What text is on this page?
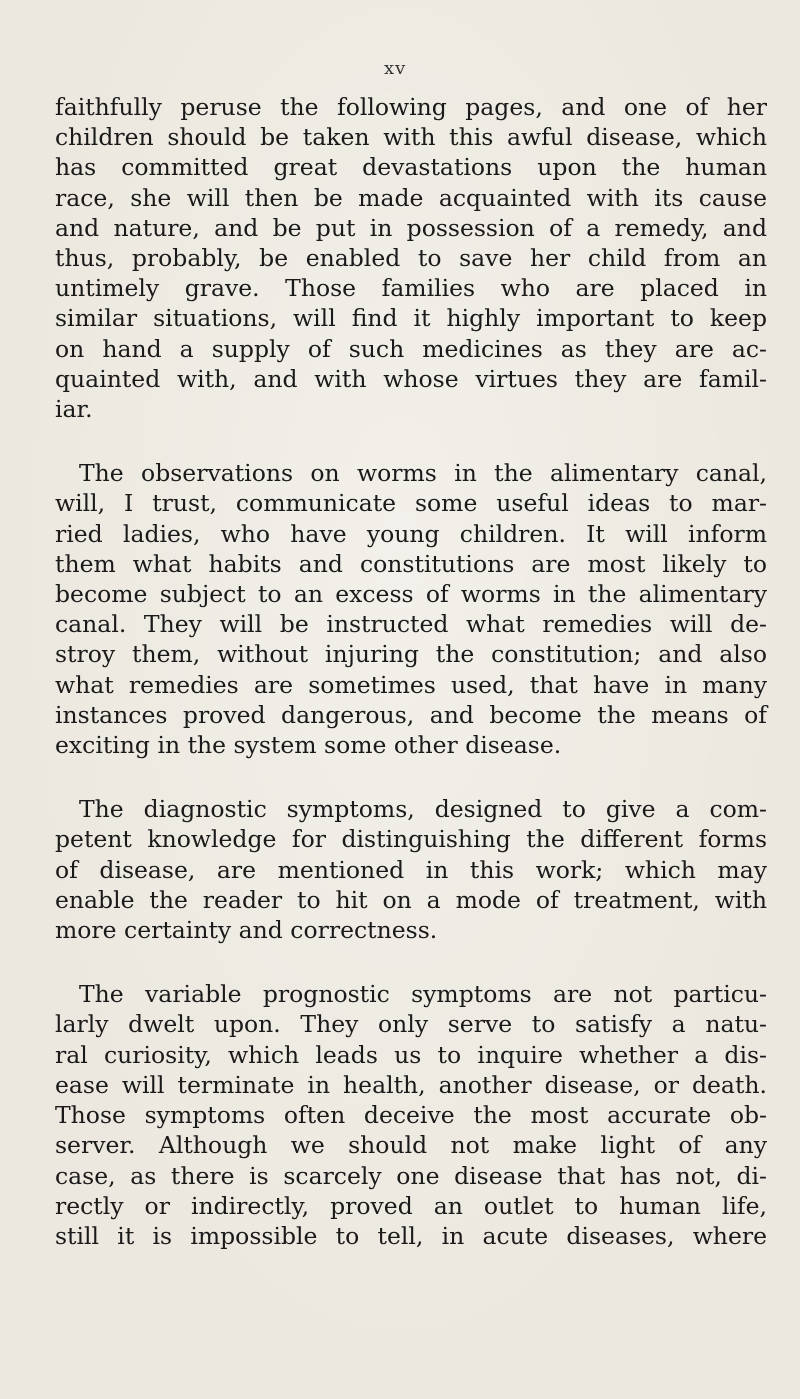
xv
faithfully peruse the following pages, and one of her
children should be taken with this awful disease, which
has committed great devastations upon the human
race, she will then be made acquainted with its cause
and nature, and be put in possession of a remedy, and
thus, probably, be enabled to save her child from an
untimely grave. Those families who are placed in
similar situations, will find it highly important to keep
on hand a supply of such medicines as they are ac-
quainted with, and with whose virtues they are famil-
iar.
The observations on worms in the alimentary canal,
will, I trust, communicate some useful ideas to mar-
ried ladies, who have young children. It will inform
them what habits and constitutions are most likely to
become subject to an excess of worms in the alimentary
canal. They will be instructed what remedies will de-
stroy them, without injuring the constitution; and also
what remedies are sometimes used, that have in many
instances proved dangerous, and become the means of
exciting in the system some other disease.
The diagnostic symptoms, designed to give a com-
petent knowledge for distinguishing the different forms
of disease, are mentioned in this work; which may
enable the reader to hit on a mode of treatment, with
more certainty and correctness.
The variable prognostic symptoms are not particu-
larly dwelt upon. They only serve to satisfy a natu-
ral curiosity, which leads us to inquire whether a dis-
ease will terminate in health, another disease, or death.
Those symptoms often deceive the most accurate ob-
server. Although we should not make light of any
case, as there is scarcely one disease that has not, di-
rectly or indirectly, proved an outlet to human life,
still it is impossible to tell, in acute diseases, where
